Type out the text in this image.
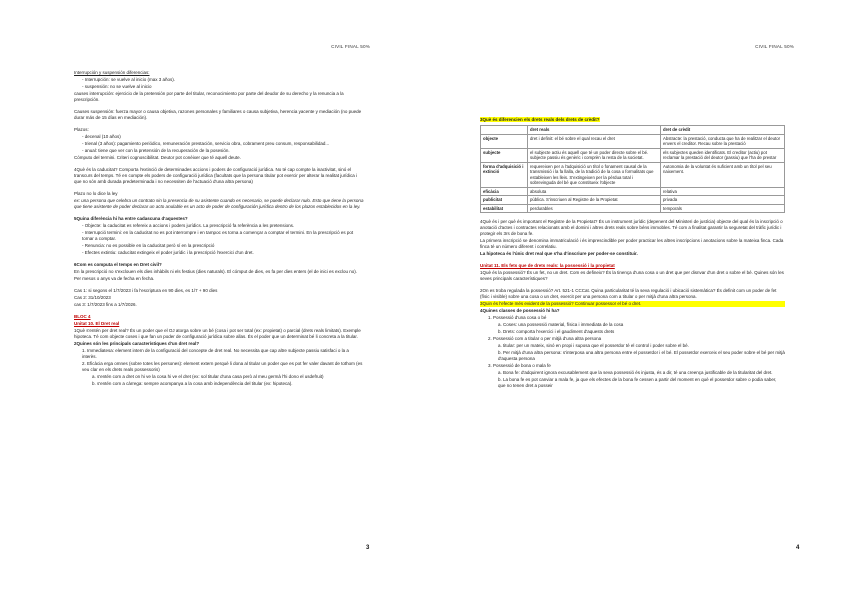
CIVIL FINAL 50%
Interrupción y suspensión diferencias:
- Interrupción: se vuelve al inicio (max 3 años).
- suspensión: no se vuelve al inicio
causes interrupción: ejercicio de la pretensión por parte del titular, reconocimiento por parte del deudor de su derecho y la renuncia a la prescripción.
Causes suspensión: fuerza mayor o causa objetiva, razones personales y familiares o causa subjetiva, herencia yacente y mediación (no puede durar más de 15 días en mediación).
Plazos:
- decenal (10 años)
- trienal (3 años): pagamiento periódico, remuneración prestación, servicio obra, cobrament preu consum, responsabilidad...
- anual: tiene que ver con la pretensión de la recuperación de la posesión.
Cómputo del termini. Criteri cognoscibilitat. Deutor pot conèixer que té aquell deute.
4Què és la caducitat? Comporta l'extinció de determinades accions i poders de configuració jurídica. No té cap compte la inactivitat, sinó el transcurs del temps. Té en compte els poders de configuració jurídica (facultats que la persona titular pot exercir per alterar la realitat jurídica i que no són amb durada predeterminada i no necessiten de l'actuació d'una altra persona)
Plazo no lo dice la ley
ex: una persona que celebra un contrato sin la presencia de su asistente cuando es necesario, se puede declarar nulo. Esto que tiene la persona que tiene asistente de poder declarar un acto anulable es un acto de poder de configuración jurídica dentro de los plazos establecidos en la ley.
5Quina diferència hi ha entre cadascuna d'aquestes?
- Objecte: la caducitat es refereix a accions i poders jurídics. La prescripció fa referència a les pretensions.
- Interrupció termini: en la caducitat no es pot interrompre i en tampoc es torna a començar a comptar el termini. En la prescripció es pot tornar a comptar.
- Renuncia: no es possible en la caducitat però sí en la prescripció
- Efectes extintiu: caducitat extingeix el poder jurídic i la prescripció l'exercici d'un dret.
6Com es computa el temps en Dret civil?
En la prescripció no s'exclouen els dies inhàbils ni els festius (dies naturals). El cómput de dies, es fa per dies enters (el de inici es exclou no).
Per mesos o anys va de fecha en fecha.
Cas 1: si segons el 1/7/2023 i fa l'escriptura en 90 dies, es 1/7 + 90 dies
Cas 2: 31/10/2023
cas 3: 1/7/2023 fins a 1/7/2026.
BLOC 4
Unitat 10. El Dret real
1Què s'entén per dret real? És un poder que el OJ atorga sobre un bé (cosa i pot ser total (ex: propietat) o parcial (drets reals limitats). Exemple hipoteca. Té com objecte coses i que fan un poder de configuració jurídica sobre allas. És el poder que un determinat bé li concreta a la titular.
2Quines són les principals característiques d'un dret real?
1. Immediatesa: element intern de la configuració del concepte de dret real. No necessita que cap altre subjecte passiu satisfaci o la a interès.
2. Eficàcia erga omnes (sobre totes les persones): element extern perquè li dona al titular un poder que es pot fer valer davant de tothom (es veu clar en els drets reals possessoris)
a. s'entén com a dret on hi ve la cosa hi ve el dret (ex: sol titular d'una casa però al meu germà l'hi dono el usdefruit)
b. s'entén com a càrrega: sempre acompanya a la cosa amb independència del titular (ex: hipoteca).
3
CIVIL FINAL 50%
3Què és diferencien els drets reals dels drets de crèdit?
	dret reals	dret de crèdit
objecte	dret i definit: el bé sobre el qual recau el dret	Abstracte: la prestació, conducta que ha de realitzar el deutor envers el creditor. Recau sobre la prestació
subjecte	el subjecte actiu és aquell que té un poder directe sobre el bé. subjecte passiu és genèric i comprèn la resta de la societat.	els subjectes queden identificats. El creditor (actiu) pot reclamar la prestació del deutor (passiu) que l'ha de prestar
forma d'adquisició i extinció	requereixen per a l'adquisició un títol o fonament causal de la transmissió i la fa llalla, de la tradició de la cosa o formalitats que estableixen les lleis. S'extingeixen per la pèrdua total i sobrevinguda del bé que constitueix l'objecte	Autonomia de la voluntat és suficient amb un títol pel seu naixement.
eficàcia	absoluta	relativa
publicitat	pública. S'inscriuen al Registre de la Propietat	privada
estabilitat	perdurables	temporals
4Què és i per què és important el Registre de la Propietat? És un instrument jurídic (depenent del Ministeri de justícia) objecte del qual és la inscripció o anotació d'actes i contractes relacionats amb el domini i altres drets reals sobre béns immobles. Té com a finalitat garantir la seguretat del tràfic jurídic i protegir els 3rs de bona fe.
La primera inscripció se denomina immatriculació i és imprescindible per poder practicar les altres inscripcions i anotacions sobre la mateixa finca. Cada finca té un número diferent i correlatiu.
La hipoteca és l'únic dret real que s'ha d'inscriure per poder-se constituir.
Unitat 11. Els fets que de drets reals: la possessió i la propietat
1Què és la possessió? És un fet, no un dret. Com es defineix? És la tinença d'una cosa o un dret que per disnvar d'un dret o sobre el bé. Quines són les seves principals característiques?
2On es troba regulada la possessió? Art. 521-1 CCCat. Quina particularitat té la seva regulació i ubicació sistemàtica? És definit com un poder de fet (físic i visible) sobre una cosa o un dret, exercit per una persona com a titular o per mitjà d'una altra persona.
3Quin és l'efecte més evident de la possessió? Continuar possessor el bé o dret.
4Quines classes de possessió hi ha?
1. Possessió d'una cosa o bé
a. Coses: una possessió material, física i immediata de la cosa
b. Drets: comporta l'exercici i el gaudiment d'aquests drets
2. Possessió com a titular o per mitjà d'una altra persona
a. titular: per un mateix, sinó en propi i suposa que el posseïdor té el control i poder sobre el bé.
b. Per mitjà d'una altra persona: s'interposa una altra persona entre el posseïdor i el bé. El posseïdor exerceix el seu poder sobre el bé per mitjà d'aquesta persona
3. Possessió de bona o mala fe
a. Bona fe: d'adquirent ignora excusablement que la seva possessió és injusta, és a dir, té una creença justificable de la titularitat del dret.
b. La bona fe es pot canviar a mala fe, ja que els efectes de la bona fe cessen a partir del moment en què el posseïdor sabre o podia saber, que no tenen dret a posseir
4
